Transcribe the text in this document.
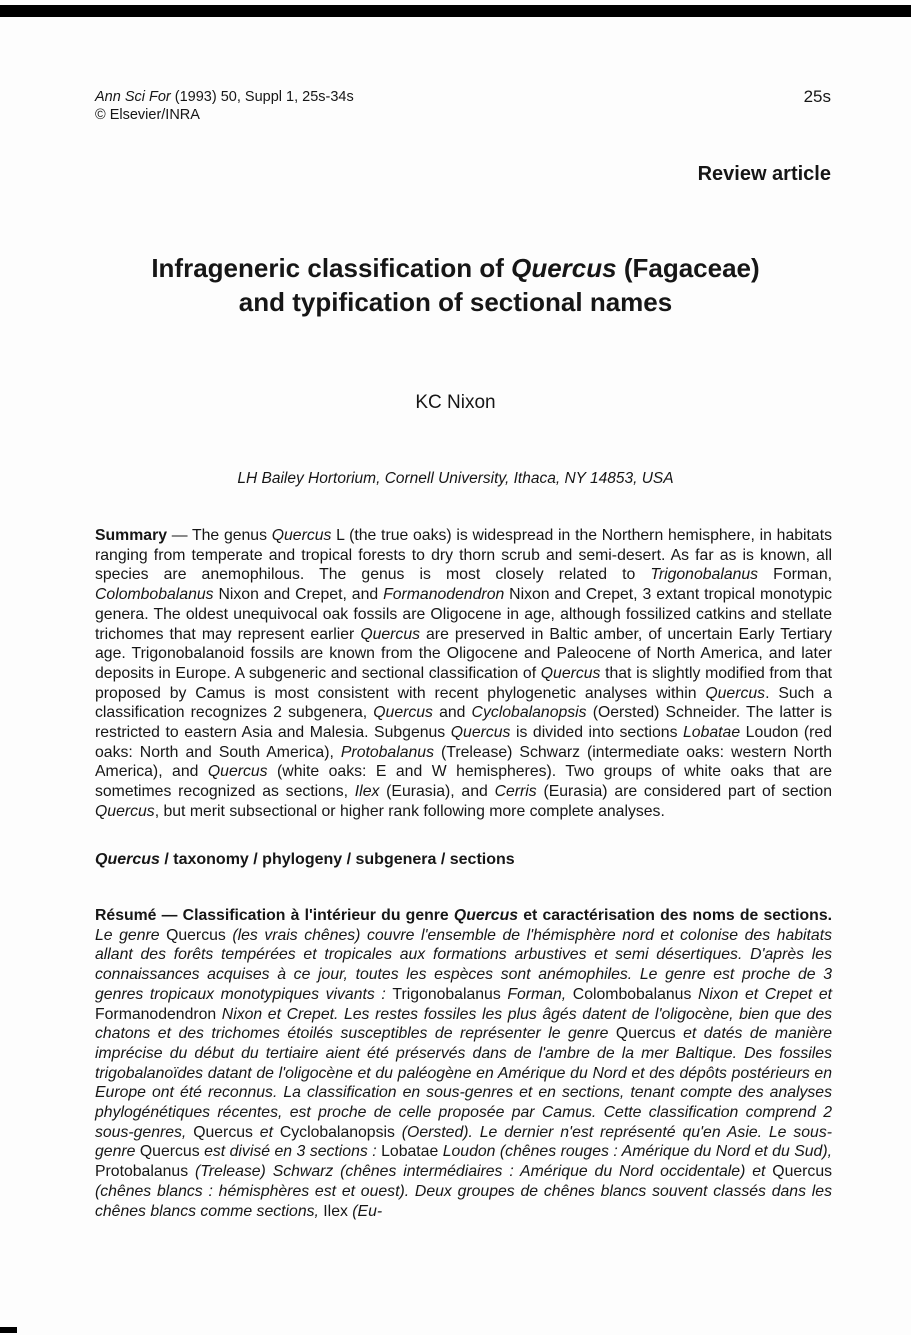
Ann Sci For (1993) 50, Suppl 1, 25s-34s
© Elsevier/INRA
25s
Review article
Infrageneric classification of Quercus (Fagaceae)
and typification of sectional names
KC Nixon
LH Bailey Hortorium, Cornell University, Ithaca, NY 14853, USA

Summary — The genus Quercus L (the true oaks) is widespread in the Northern hemisphere, in habitats ranging from temperate and tropical forests to dry thorn scrub and semi-desert. As far as is known, all species are anemophilous. The genus is most closely related to Trigonobalanus Forman, Colombobalanus Nixon and Crepet, and Formanodendron Nixon and Crepet, 3 extant tropical monotypic genera. The oldest unequivocal oak fossils are Oligocene in age, although fossilized catkins and stellate trichomes that may represent earlier Quercus are preserved in Baltic amber, of uncertain Early Tertiary age. Trigonobalanoid fossils are known from the Oligocene and Paleocene of North America, and later deposits in Europe. A subgeneric and sectional classification of Quercus that is slightly modified from that proposed by Camus is most consistent with recent phylogenetic analyses within Quercus. Such a classification recognizes 2 subgenera, Quercus and Cyclobalanopsis (Oersted) Schneider. The latter is restricted to eastern Asia and Malesia. Subgenus Quercus is divided into sections Lobatae Loudon (red oaks: North and South America), Protobalanus (Trelease) Schwarz (intermediate oaks: western North America), and Quercus (white oaks: E and W hemispheres). Two groups of white oaks that are sometimes recognized as sections, Ilex (Eurasia), and Cerris (Eurasia) are considered part of section Quercus, but merit subsectional or higher rank following more complete analyses.

Quercus / taxonomy / phylogeny / subgenera / sections

Résumé — Classification à l'intérieur du genre Quercus et caractérisation des noms de sections. Le genre Quercus (les vrais chênes) couvre l'ensemble de l'hémisphère nord et colonise des habitats allant des forêts tempérées et tropicales aux formations arbustives et semi désertiques. D'après les connaissances acquises à ce jour, toutes les espèces sont anémophiles. Le genre est proche de 3 genres tropicaux monotypiques vivants : Trigonobalanus Forman, Colombobalanus Nixon et Crepet et Formanodendron Nixon et Crepet. Les restes fossiles les plus âgés datent de l'oligocène, bien que des chatons et des trichomes étoilés susceptibles de représenter le genre Quercus et datés de manière imprécise du début du tertiaire aient été préservés dans de l'ambre de la mer Baltique. Des fossiles trigobalanoïdes datant de l'oligocène et du paléogène en Amérique du Nord et des dépôts postérieurs en Europe ont été reconnus. La classification en sous-genres et en sections, tenant compte des analyses phylogénétiques récentes, est proche de celle proposée par Camus. Cette classification comprend 2 sous-genres, Quercus et Cyclobalanopsis (Oersted). Le dernier n'est représenté qu'en Asie. Le sous-genre Quercus est divisé en 3 sections : Lobatae Loudon (chênes rouges : Amérique du Nord et du Sud), Protobalanus (Trelease) Schwarz (chênes intermédiaires : Amérique du Nord occidentale) et Quercus (chênes blancs : hémisphères est et ouest). Deux groupes de chênes blancs souvent classés dans les chênes blancs comme sections, Ilex (Eu-
